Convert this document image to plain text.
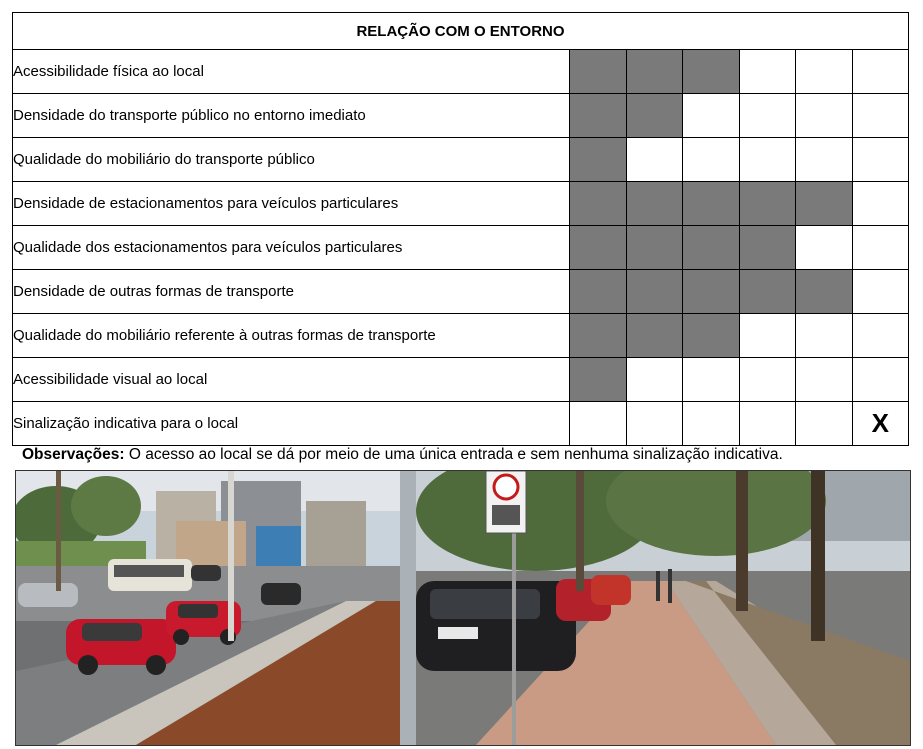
RELAÇÃO COM O ENTORNO						
Acessibilidade física ao local						
Densidade do transporte público no entorno imediato						
Qualidade do mobiliário do transporte público						
Densidade de estacionamentos para veículos particulares						
Qualidade dos estacionamentos para veículos particulares						
Densidade de outras formas de transporte						
Qualidade do mobiliário referente à outras formas de transporte						
Acessibilidade visual ao local						
Sinalização indicativa para o local						X
Observações: O acesso ao local se dá por meio de uma única entrada e sem nenhuma sinalização indicativa.
